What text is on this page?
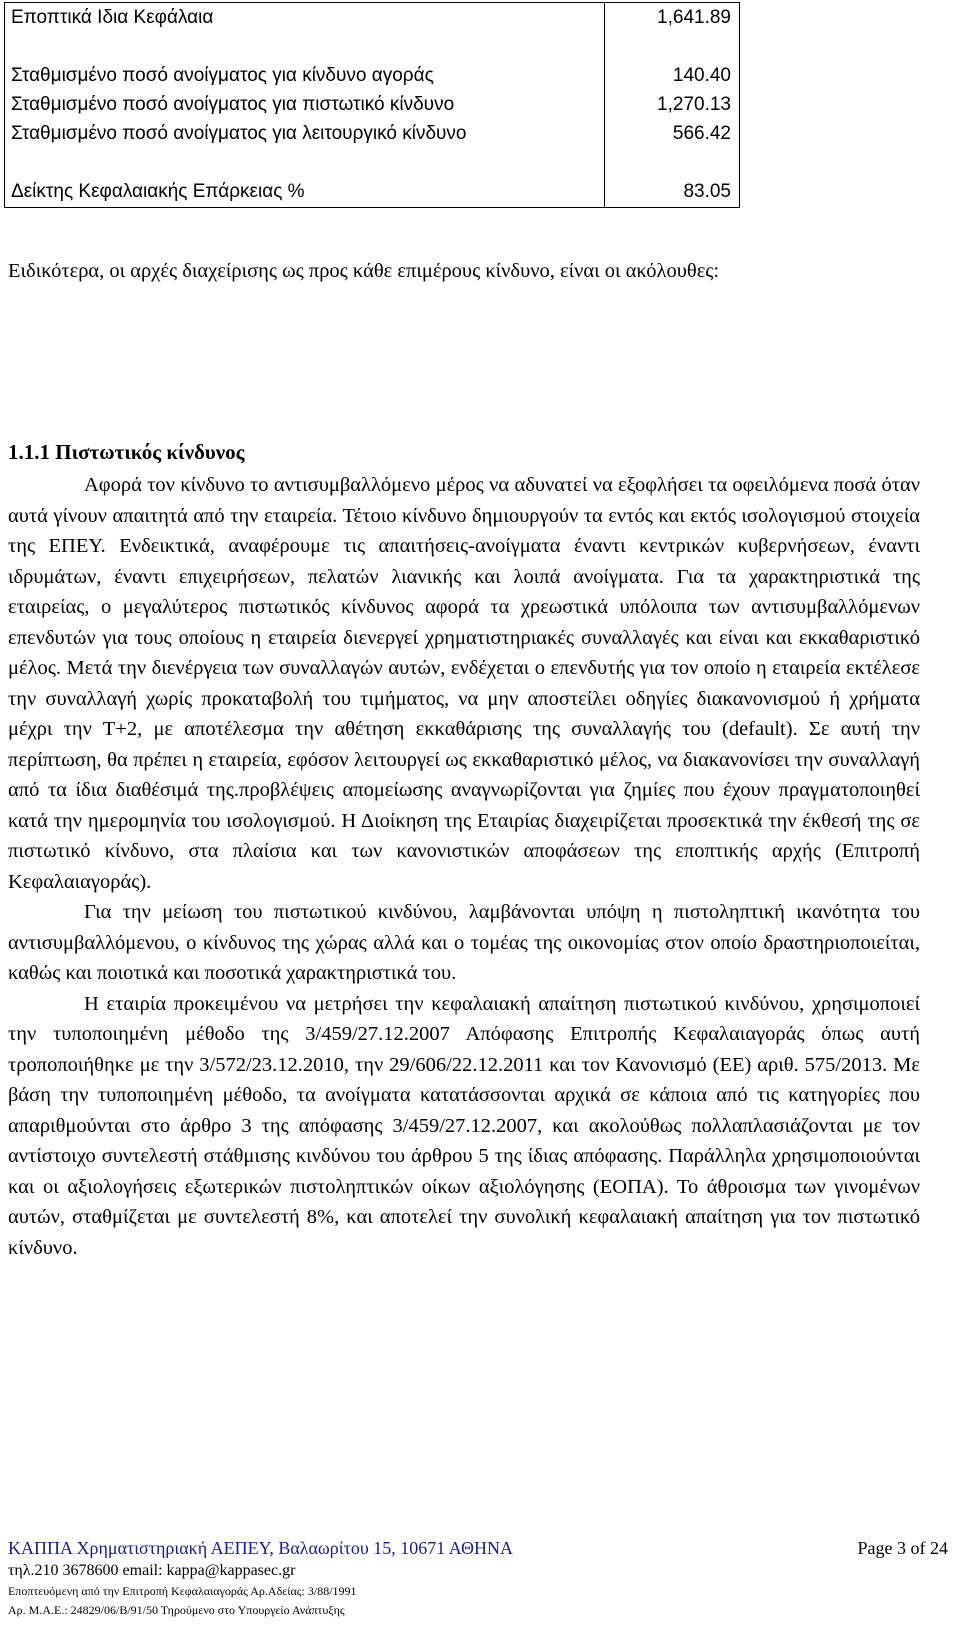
Εποπτικά Ιδια Κεφάλαια	1,641.89

Σταθμισμένο ποσό ανοίγματος για κίνδυνο αγοράς	140.40
Σταθμισμένο ποσό ανοίγματος για πιστωτικό κίνδυνο	1,270.13
Σταθμισμένο ποσό ανοίγματος για λειτουργικό κίνδυνο	566.42

Δείκτης Κεφαλαιακής Επάρκειας %	83.05
Ειδικότερα, οι αρχές διαχείρισης ως προς κάθε επιμέρους κίνδυνο, είναι οι ακόλουθες:
1.1.1 Πιστωτικός κίνδυνος

Αφορά τον κίνδυνο το αντισυμβαλλόμενο μέρος να αδυνατεί να εξοφλήσει τα οφειλόμενα ποσά όταν αυτά γίνουν απαιτητά από την εταιρεία. Τέτοιο κίνδυνο δημιουργούν τα εντός και εκτός ισολογισμού στοιχεία της ΕΠΕΥ. Ενδεικτικά, αναφέρουμε τις απαιτήσεις-ανοίγματα έναντι κεντρικών κυβερνήσεων, έναντι ιδρυμάτων, έναντι επιχειρήσεων, πελατών λιανικής και λοιπά ανοίγματα. Για τα χαρακτηριστικά της εταιρείας, ο μεγαλύτερος πιστωτικός κίνδυνος αφορά τα χρεωστικά υπόλοιπα των αντισυμβαλλόμενων επενδυτών για τους οποίους η εταιρεία διενεργεί χρηματιστηριακές συναλλαγές και είναι και εκκαθαριστικό μέλος. Μετά την διενέργεια των συναλλαγών αυτών, ενδέχεται ο επενδυτής για τον οποίο η εταιρεία εκτέλεσε την συναλλαγή χωρίς προκαταβολή του τιμήματος, να μην αποστείλει οδηγίες διακανονισμού ή χρήματα μέχρι την Τ+2, με αποτέλεσμα την αθέτηση εκκαθάρισης της συναλλαγής του (default). Σε αυτή την περίπτωση, θα πρέπει η εταιρεία, εφόσον λειτουργεί ως εκκαθαριστικό μέλος, να διακανονίσει την συναλλαγή από τα ίδια διαθέσιμά της.προβλέψεις απομείωσης αναγνωρίζονται για ζημίες που έχουν πραγματοποιηθεί κατά την ημερομηνία του ισολογισμού. Η Διοίκηση της Εταιρίας διαχειρίζεται προσεκτικά την έκθεσή της σε πιστωτικό κίνδυνο, στα πλαίσια και των κανονιστικών αποφάσεων της εποπτικής αρχής (Επιτροπή Κεφαλαιαγοράς).

Για την μείωση του πιστωτικού κινδύνου, λαμβάνονται υπόψη η πιστοληπτική ικανότητα του αντισυμβαλλόμενου, ο κίνδυνος της χώρας αλλά και ο τομέας της οικονομίας στον οποίο δραστηριοποιείται, καθώς και ποιοτικά και ποσοτικά χαρακτηριστικά του.

Η εταιρία προκειμένου να μετρήσει την κεφαλαιακή απαίτηση πιστωτικού κινδύνου, χρησιμοποιεί την τυποποιημένη μέθοδο της 3/459/27.12.2007 Απόφασης Επιτροπής Κεφαλαιαγοράς όπως αυτή τροποποιήθηκε με την 3/572/23.12.2010, την 29/606/22.12.2011 και τον Κανονισμό (ΕΕ) αριθ. 575/2013. Με βάση την τυποποιημένη μέθοδο, τα ανοίγματα κατατάσσονται αρχικά σε κάποια από τις κατηγορίες που απαριθμούνται στο άρθρο 3 της απόφασης 3/459/27.12.2007, και ακολούθως πολλαπλασιάζονται με τον αντίστοιχο συντελεστή στάθμισης κινδύνου του άρθρου 5 της ίδιας απόφασης. Παράλληλα χρησιμοποιούνται και οι αξιολογήσεις εξωτερικών πιστοληπτικών οίκων αξιολόγησης (ΕΟΠΑ). Το άθροισμα των γινομένων αυτών, σταθμίζεται με συντελεστή 8%, και αποτελεί την συνολική κεφαλαιακή απαίτηση για τον πιστωτικό κίνδυνο.

ΚΑΠΠΑ Χρηματιστηριακή ΑΕΠΕΥ, Βαλαωρίτου 15, 10671 ΑΘΗΝΑ	Page 3 of 24
τηλ.210 3678600 email: kappa@kappasec.gr
Εποπτευόμενη από την Επιτροπή Κεφαλαιαγοράς Αρ.Αδείας: 3/88/1991
Αρ. Μ.Α.Ε.: 24829/06/Β/91/50 Τηρούμενο στο Υπουργείο Ανάπτυξης
